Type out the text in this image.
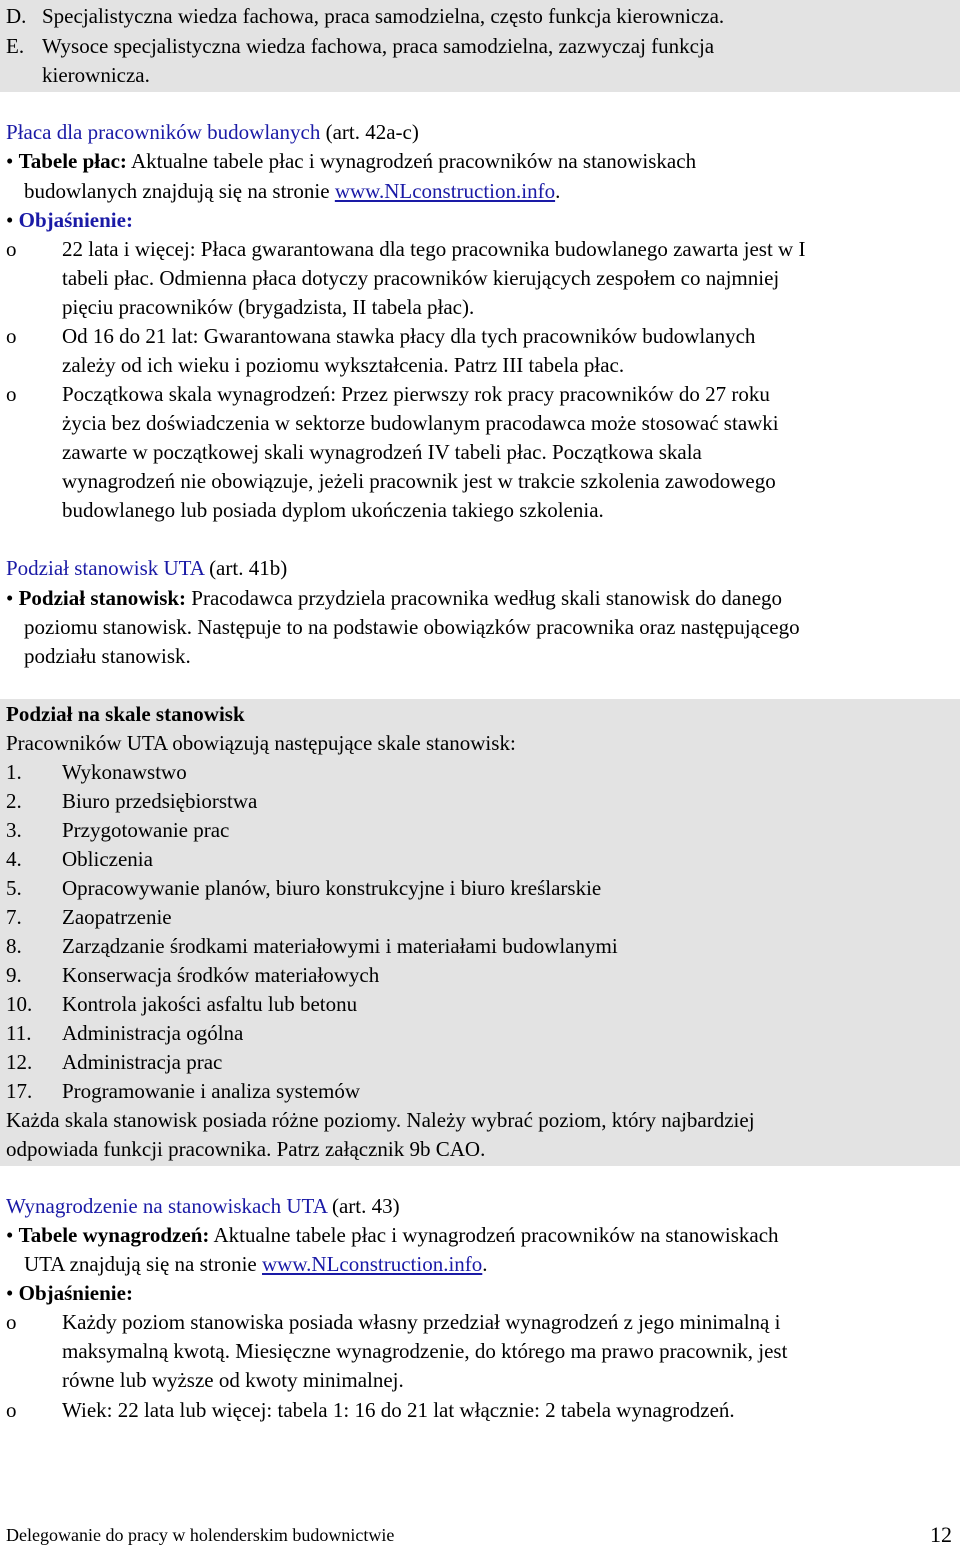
D. Specjalistyczna wiedza fachowa, praca samodzielna, często funkcja kierownicza.
E. Wysoce specjalistyczna wiedza fachowa, praca samodzielna, zazwyczaj funkcja
kierownicza.
Płaca dla pracowników budowlanych (art. 42a-c)
• Tabele płac: Aktualne tabele płac i wynagrodzeń pracowników na stanowiskach
budowlanych znajdują się na stronie www.NLconstruction.info.
• Objaśnienie:
o 22 lata i więcej: Płaca gwarantowana dla tego pracownika budowlanego zawarta jest w I
tabeli płac. Odmienna płaca dotyczy pracowników kierujących zespołem co najmniej
pięciu pracowników (brygadzista, II tabela płac).
o Od 16 do 21 lat: Gwarantowana stawka płacy dla tych pracowników budowlanych
zależy od ich wieku i poziomu wykształcenia. Patrz III tabela płac.
o Początkowa skala wynagrodzeń: Przez pierwszy rok pracy pracowników do 27 roku
życia bez doświadczenia w sektorze budowlanym pracodawca może stosować stawki
zawarte w początkowej skali wynagrodzeń IV tabeli płac. Początkowa skala
wynagrodzeń nie obowiązuje, jeżeli pracownik jest w trakcie szkolenia zawodowego
budowlanego lub posiada dyplom ukończenia takiego szkolenia.
Podział stanowisk UTA (art. 41b)
• Podział stanowisk: Pracodawca przydziela pracownika według skali stanowisk do danego
poziomu stanowisk. Następuje to na podstawie obowiązków pracownika oraz następującego
podziału stanowisk.
Podział na skale stanowisk
Pracowników UTA obowiązują następujące skale stanowisk:
1. Wykonawstwo
2. Biuro przedsiębiorstwa
3. Przygotowanie prac
4. Obliczenia
5. Opracowywanie planów, biuro konstrukcyjne i biuro kreślarskie
7. Zaopatrzenie
8. Zarządzanie środkami materiałowymi i materiałami budowlanymi
9. Konserwacja środków materiałowych
10. Kontrola jakości asfaltu lub betonu
11. Administracja ogólna
12. Administracja prac
17. Programowanie i analiza systemów
Każda skala stanowisk posiada różne poziomy. Należy wybrać poziom, który najbardziej
odpowiada funkcji pracownika. Patrz załącznik 9b CAO.
Wynagrodzenie na stanowiskach UTA (art. 43)
• Tabele wynagrodzeń: Aktualne tabele płac i wynagrodzeń pracowników na stanowiskach
UTA znajdują się na stronie www.NLconstruction.info.
• Objaśnienie:
o Każdy poziom stanowiska posiada własny przedział wynagrodzeń z jego minimalną i
maksymalną kwotą. Miesięczne wynagrodzenie, do którego ma prawo pracownik, jest
równe lub wyższe od kwoty minimalnej.
o Wiek: 22 lata lub więcej: tabela 1: 16 do 21 lat włącznie: 2 tabela wynagrodzeń.
Delegowanie do pracy w holenderskim budownictwie	12
